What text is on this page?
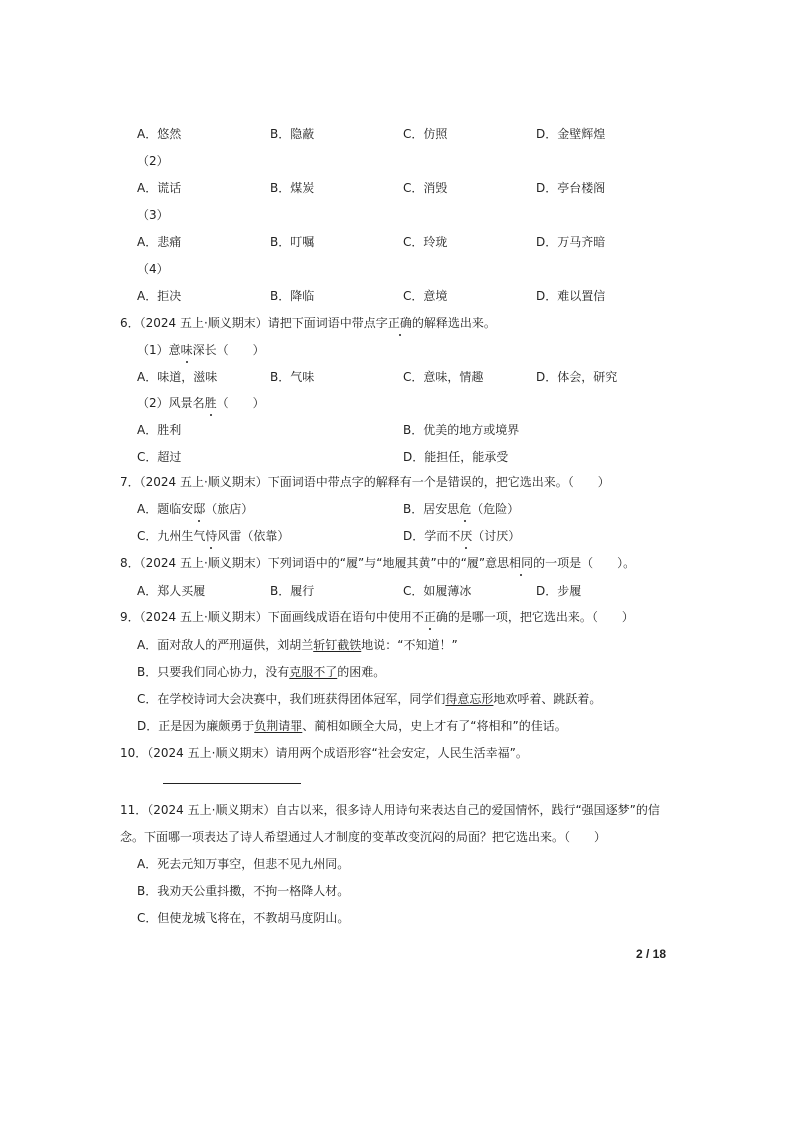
A．悠然	B．隐蔽	C．仿照	D．金壁辉煌
（2）
A．谎话	B．煤炭	C．消毁	D．亭台楼阁
（3）
A．悲痛	B．叮嘱	C．玲珑	D．万马齐暗
（4）
A．拒决	B．降临	C．意境	D．难以置信
6．（2024 五上·顺义期末）请把下面词语中带点字正确的解释选出来。
（1）意味深长（　　）
A．味道，滋味	B．气味	C．意味，情趣	D．体会，研究
（2）风景名胜（　　）
A．胜利	B．优美的地方或境界
C．超过	D．能担任，能承受
7．（2024 五上·顺义期末）下面词语中带点字的解释有一个是错误的，把它选出来。（　　）
A．题临安邸（旅店）	B．居安思危（危险）
C．九州生气恃风雷（依靠）	D．学而不厌（讨厌）
8．（2024 五上·顺义期末）下列词语中的“履”与“地履其黄”中的“履”意思相同的一项是（　　）。
A．郑人买履	B．履行	C．如履薄冰	D．步履
9．（2024 五上·顺义期末）下面画线成语在语句中使用不正确的是哪一项，把它选出来。（　　）
A．面对敌人的严刑逼供，刘胡兰斩钉截铁地说：“不知道！”
B．只要我们同心协力，没有克服不了的困难。
C．在学校诗词大会决赛中，我们班获得团体冠军，同学们得意忘形地欢呼着、跳跃着。
D．正是因为廉颇勇于负荆请罪、蔺相如顾全大局，史上才有了“将相和”的佳话。
10．（2024 五上·顺义期末）请用两个成语形容“社会安定，人民生活幸福”。
11．（2024 五上·顺义期末）自古以来，很多诗人用诗句来表达自己的爱国情怀，践行“强国逐梦”的信
念。下面哪一项表达了诗人希望通过人才制度的变革改变沉闷的局面？把它选出来。（　　）
A．死去元知万事空，但悲不见九州同。
B．我劝天公重抖擞，不拘一格降人材。
C．但使龙城飞将在，不教胡马度阴山。
2 / 18
